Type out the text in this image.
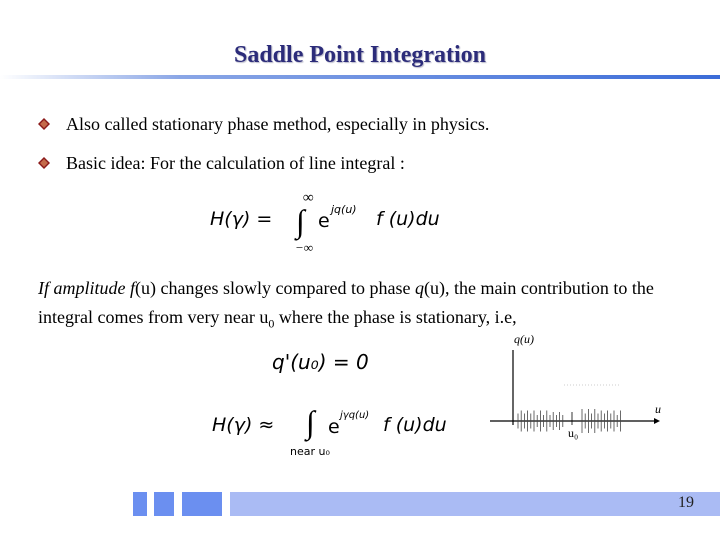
Saddle Point Integration
Also called stationary phase method, especially in physics.
Basic idea: For the calculation of line integral :
H(γ) =
∞
∫
−∞
e
jq(u) f (u)du
If amplitude f(u) changes slowly compared to phase q(u), the main contribution to the integral comes from very near $u_0$ where the phase is stationary, i.e,
q'(u₀) = 0
H(γ) ≈ ∫ e
jγq(u) f (u)du
near u₀
q(u)
u
u₀
19
